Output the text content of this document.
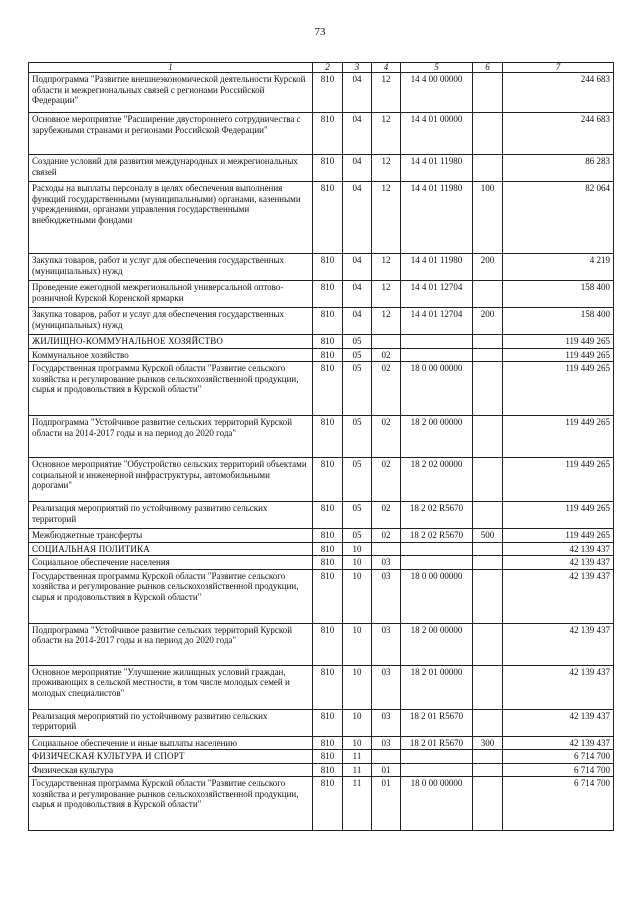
73
1	2	3	4	5	6	7
Подпрограмма "Развитие внешнеэкономической деятельности Курской области и межрегиональных связей с регионами Российской Федерации"	810	04	12	14 4 00 00000		244 683
Основное мероприятие "Расширение двустороннего сотрудничества с зарубежными странами и регионами Российской Федерации"	810	04	12	14 4 01 00000		244 683
Создание условий для развития международных и межрегиональных связей	810	04	12	14 4 01 11980		86 283
Расходы на выплаты персоналу в целях обеспечения выполнения функций государственными (муниципальными) органами, казенными учреждениями, органами управления государственными внебюджетными фондами	810	04	12	14 4 01 11980	100	82 064
Закупка товаров, работ и услуг для обеспечения государственных (муниципальных) нужд	810	04	12	14 4 01 11980	200	4 219
Проведение ежегодной межрегиональной универсальной оптово-розничной Курской Коренской ярмарки	810	04	12	14 4 01 12704		158 400
Закупка товаров, работ и услуг для обеспечения государственных (муниципальных) нужд	810	04	12	14 4 01 12704	200	158 400
ЖИЛИЩНО-КОММУНАЛЬНОЕ ХОЗЯЙСТВО	810	05				119 449 265
Коммунальное хозяйство	810	05	02			119 449 265
Государственная программа Курской области "Развитие сельского хозяйства и регулирование рынков сельскохозяйственной продукции, сырья и продовольствия в Курской области"	810	05	02	18 0 00 00000		119 449 265
Подпрограмма "Устойчивое развитие сельских территорий Курской области на 2014-2017 годы и на период до 2020 года"	810	05	02	18 2 00 00000		119 449 265
Основное мероприятие "Обустройство сельских территорий объектами социальной и инженерной инфраструктуры, автомобильными дорогами"	810	05	02	18 2 02 00000		119 449 265
Реализация мероприятий по устойчивому развитию сельских территорий	810	05	02	18 2 02 R5670		119 449 265
Межбюджетные трансферты	810	05	02	18 2 02 R5670	500	119 449 265
СОЦИАЛЬНАЯ ПОЛИТИКА	810	10				42 139 437
Социальное обеспечение населения	810	10	03			42 139 437
Государственная программа Курской области "Развитие сельского хозяйства и регулирование рынков сельскохозяйственной продукции, сырья и продовольствия в Курской области"	810	10	03	18 0 00 00000		42 139 437
Подпрограмма "Устойчивое развитие сельских территорий Курской области на 2014-2017 годы и на период до 2020 года"	810	10	03	18 2 00 00000		42 139 437
Основное мероприятие "Улучшение жилищных условий граждан, проживающих в сельской местности, в том числе молодых семей и молодых специалистов"	810	10	03	18 2 01 00000		42 139 437
Реализация мероприятий по устойчивому развитию сельских территорий	810	10	03	18 2 01 R5670		42 139 437
Социальное обеспечение и иные выплаты населению	810	10	03	18 2 01 R5670	300	42 139 437
ФИЗИЧЕСКАЯ КУЛЬТУРА И СПОРТ	810	11				6 714 700
Физическая культура	810	11	01			6 714 700
Государственная программа Курской области "Развитие сельского хозяйства и регулирование рынков сельскохозяйственной продукции, сырья и продовольствия в Курской области"	810	11	01	18 0 00 00000		6 714 700
